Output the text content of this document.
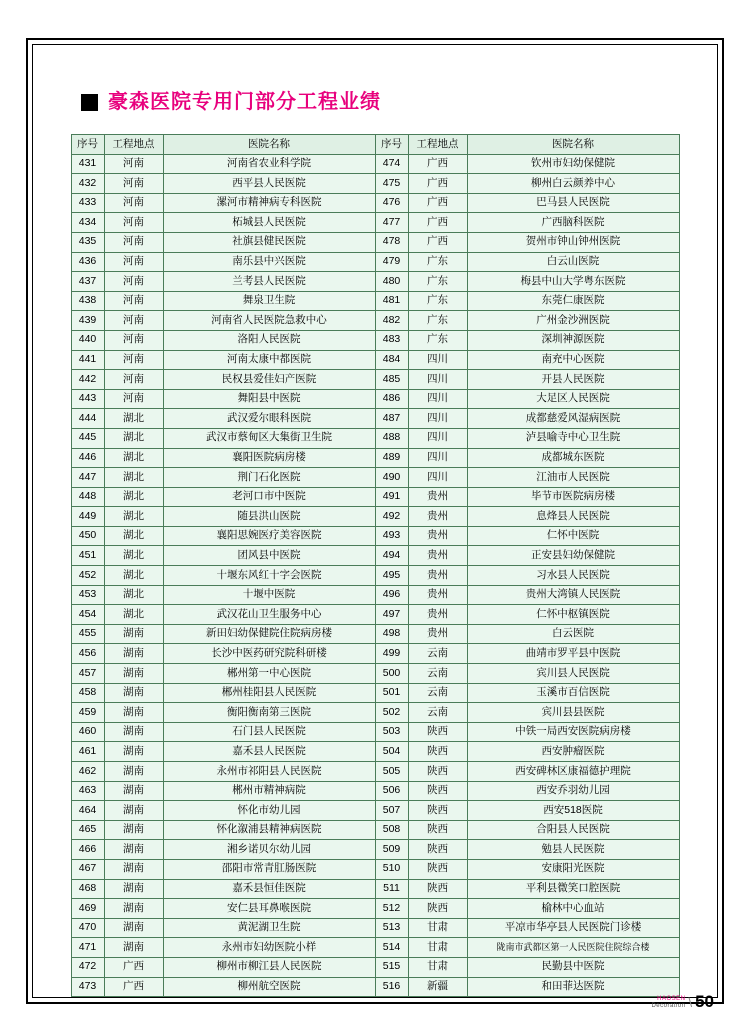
豪森医院专用门部分工程业绩
序号	工程地点	医院名称	序号	工程地点	医院名称
431	河南	河南省农业科学院	474	广西	钦州市妇幼保健院
432	河南	西平县人民医院	475	广西	柳州白云颜养中心
433	河南	漯河市精神病专科医院	476	广西	巴马县人民医院
434	河南	柘城县人民医院	477	广西	广西脑科医院
435	河南	社旗县健民医院	478	广西	贺州市钟山钟州医院
436	河南	南乐县中兴医院	479	广东	白云山医院
437	河南	兰考县人民医院	480	广东	梅县中山大学粤东医院
438	河南	舞泉卫生院	481	广东	东莞仁康医院
439	河南	河南省人民医院急救中心	482	广东	广州金沙洲医院
440	河南	洛阳人民医院	483	广东	深圳神源医院
441	河南	河南太康中都医院	484	四川	南充中心医院
442	河南	民权县爱佳妇产医院	485	四川	开县人民医院
443	河南	舞阳县中医院	486	四川	大足区人民医院
444	湖北	武汉爱尔眼科医院	487	四川	成都慈爱风湿病医院
445	湖北	武汉市蔡甸区大集街卫生院	488	四川	泸县喻寺中心卫生院
446	湖北	襄阳医院病房楼	489	四川	成都城东医院
447	湖北	荆门石化医院	490	四川	江油市人民医院
448	湖北	老河口市中医院	491	贵州	毕节市医院病房楼
449	湖北	随县洪山医院	492	贵州	息烽县人民医院
450	湖北	襄阳思婉医疗美容医院	493	贵州	仁怀中医院
451	湖北	团风县中医院	494	贵州	正安县妇幼保健院
452	湖北	十堰东风红十字会医院	495	贵州	习水县人民医院
453	湖北	十堰中医院	496	贵州	贵州大湾镇人民医院
454	湖北	武汉花山卫生服务中心	497	贵州	仁怀中枢镇医院
455	湖南	新田妇幼保健院住院病房楼	498	贵州	白云医院
456	湖南	长沙中医药研究院科研楼	499	云南	曲靖市罗平县中医院
457	湖南	郴州第一中心医院	500	云南	宾川县人民医院
458	湖南	郴州桂阳县人民医院	501	云南	玉溪市百信医院
459	湖南	衡阳衡南第三医院	502	云南	宾川县县医院
460	湖南	石门县人民医院	503	陕西	中铁一局西安医院病房楼
461	湖南	嘉禾县人民医院	504	陕西	西安肿瘤医院
462	湖南	永州市祁阳县人民医院	505	陕西	西安碑林区康福德护理院
463	湖南	郴州市精神病院	506	陕西	西安乔羽幼儿园
464	湖南	怀化市幼儿园	507	陕西	西安518医院
465	湖南	怀化溆浦县精神病医院	508	陕西	合阳县人民医院
466	湖南	湘乡诺贝尔幼儿园	509	陕西	勉县人民医院
467	湖南	邵阳市常青肛肠医院	510	陕西	安康阳光医院
468	湖南	嘉禾县恒佳医院	511	陕西	平利县微笑口腔医院
469	湖南	安仁县耳鼻喉医院	512	陕西	榆林中心血站
470	湖南	黄泥湖卫生院	513	甘肃	平凉市华亭县人民医院门诊楼
471	湖南	永州市妇幼医院小样	514	甘肃	陇南市武都区第一人民医院住院综合楼
472	广西	柳州市柳江县人民医院	515	甘肃	民勤县中医院
473	广西	柳州航空医院	516	新疆	和田菲达医院
HAOSEN
Decoration \ 50
